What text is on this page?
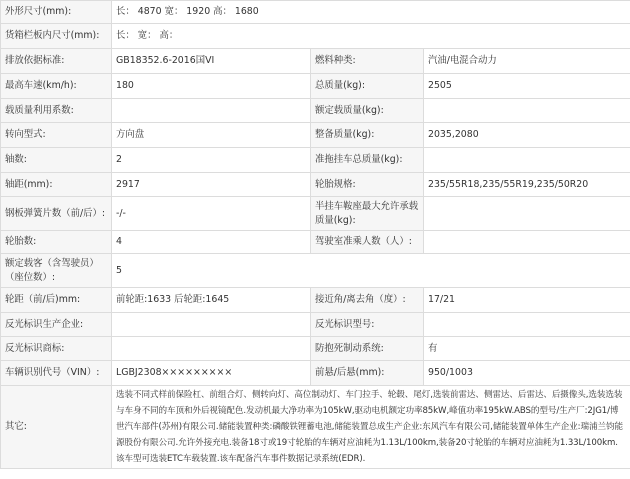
外形尺寸(mm):	长： 4870 宽： 1920 高： 1680		
货箱栏板内尺寸(mm):	长： 宽： 高：		
排放依据标准:	GB18352.6-2016国VI	燃料种类:	汽油/电混合动力
最高车速(km/h):	180	总质量(kg):	2505
载质量利用系数:		额定载质量(kg):	
转向型式:	方向盘	整备质量(kg):	2035,2080
轴数:	2	准拖挂车总质量(kg):	
轴距(mm):	2917	轮胎规格:	235/55R18,235/55R19,235/50R20
钢板弹簧片数（前/后）:	-/-	半挂车鞍座最大允许承载质量(kg):	
轮胎数:	4	驾驶室准乘人数（人）:	
额定载客（含驾驶员）（座位数）:	5		
轮距（前/后)mm:	前轮距:1633 后轮距:1645	接近角/离去角（度）:	17/21
反光标识生产企业:		反光标识型号:	
反光标识商标:		防抱死制动系统:	有
车辆识别代号（VIN）:	LGBJ2308×××××××××	前悬/后悬(mm):	950/1003
其它:	选装不同式样前保险杠、前组合灯、侧转向灯、高位制动灯、车门拉手、轮毂、尾灯,选装前雷达、侧雷达、后雷达、后摄像头,选装选装与车身不同的车顶和外后视镜配色.发动机最大净功率为105kW,驱动电机额定功率85kW,峰值功率195kW.ABS的型号/生产厂:2JG1/博世汽车部件(苏州)有限公司.储能装置种类:磷酸铁锂蓄电池,储能装置总成生产企业:东风汽车有限公司,储能装置单体生产企业:瑞浦兰钧能源股份有限公司.允许外接充电.装备18寸或19寸轮胎的车辆对应油耗为1.13L/100km,装备20寸轮胎的车辆对应油耗为1.33L/100km.该车型可选装ETC车载装置.该车配备汽车事件数据记录系统(EDR).		
